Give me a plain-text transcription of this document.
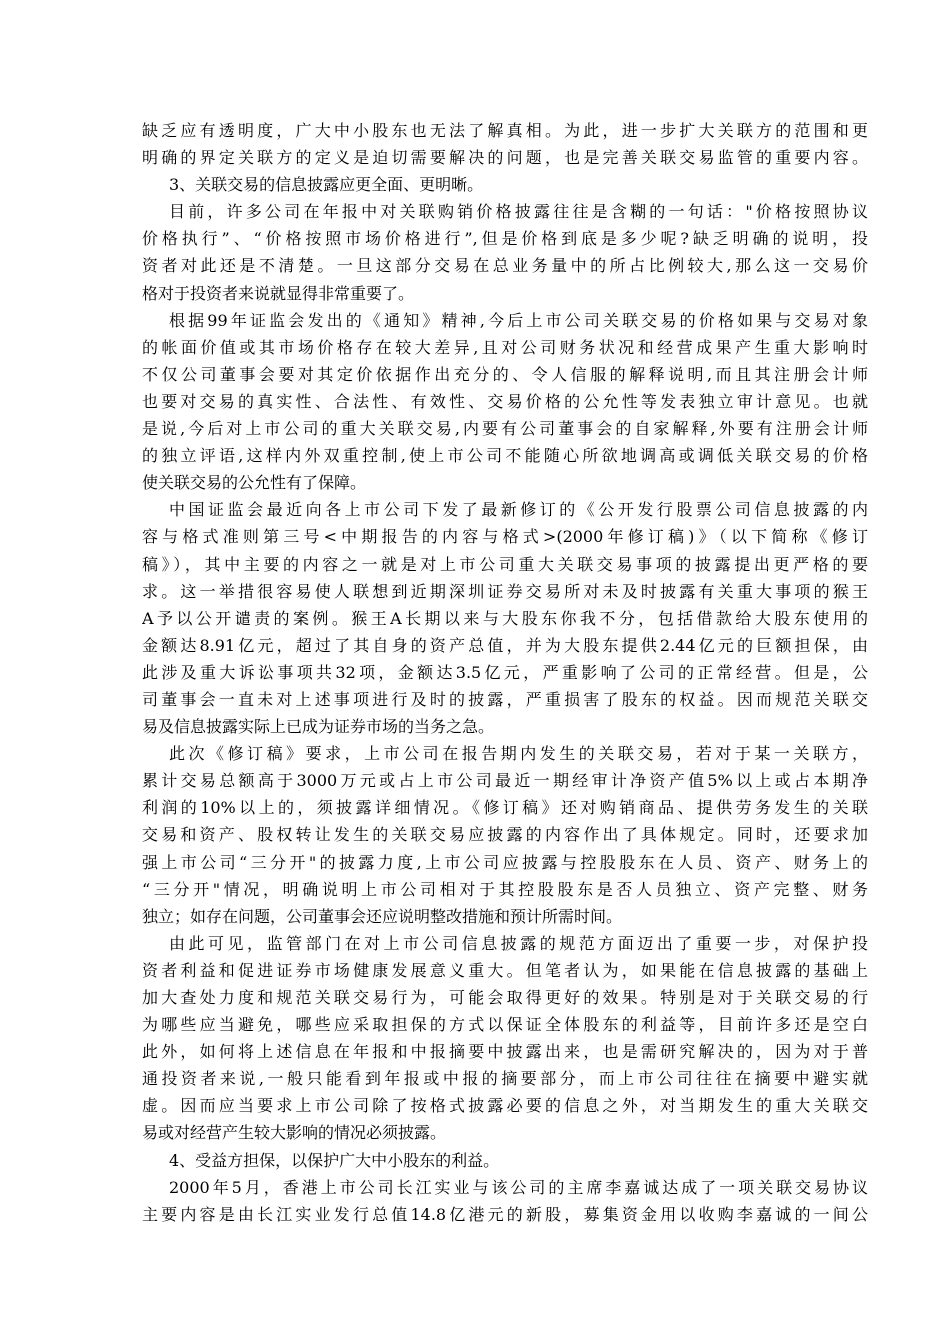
缺乏应有透明度，广大中小股东也无法了解真相。为此，进一步扩大关联方的范围和更
明确的界定关联方的定义是迫切需要解决的问题，也是完善关联交易监管的重要内容。
3、关联交易的信息披露应更全面、更明晰。
目前，许多公司在年报中对关联购销价格披露往往是含糊的一句话："价格按照协议
价格执行”、“价格按照市场价格进行”,但是价格到底是多少呢?缺乏明确的说明，投
资者对此还是不清楚。一旦这部分交易在总业务量中的所占比例较大,那么这一交易价
格对于投资者来说就显得非常重要了。
根据99年证监会发出的《通知》精神,今后上市公司关联交易的价格如果与交易对象
的帐面价值或其市场价格存在较大差异,且对公司财务状况和经营成果产生重大影响时
不仅公司董事会要对其定价依据作出充分的、令人信服的解释说明,而且其注册会计师
也要对交易的真实性、合法性、有效性、交易价格的公允性等发表独立审计意见。也就
是说,今后对上市公司的重大关联交易,内要有公司董事会的自家解释,外要有注册会计师
的独立评语,这样内外双重控制,使上市公司不能随心所欲地调高或调低关联交易的价格
使关联交易的公允性有了保障。
中国证监会最近向各上市公司下发了最新修订的《公开发行股票公司信息披露的内
容与格式准则第三号<中期报告的内容与格式>(2000年修订稿)》（以下简称《修订
稿》），其中主要的内容之一就是对上市公司重大关联交易事项的披露提出更严格的要
求。这一举措很容易使人联想到近期深圳证券交易所对未及时披露有关重大事项的猴王
A予以公开谴责的案例。猴王A长期以来与大股东你我不分，包括借款给大股东使用的
金额达8.91亿元，超过了其自身的资产总值，并为大股东提供2.44亿元的巨额担保，由
此涉及重大诉讼事项共32项，金额达3.5亿元，严重影响了公司的正常经营。但是，公
司董事会一直未对上述事项进行及时的披露，严重损害了股东的权益。因而规范关联交
易及信息披露实际上已成为证券市场的当务之急。
此次《修订稿》要求，上市公司在报告期内发生的关联交易，若对于某一关联方，
累计交易总额高于3000万元或占上市公司最近一期经审计净资产值5%以上或占本期净
利润的10%以上的，须披露详细情况。《修订稿》还对购销商品、提供劳务发生的关联
交易和资产、股权转让发生的关联交易应披露的内容作出了具体规定。同时，还要求加
强上市公司“三分开"的披露力度,上市公司应披露与控股股东在人员、资产、财务上的
“三分开"情况，明确说明上市公司相对于其控股股东是否人员独立、资产完整、财务
独立；如存在问题，公司董事会还应说明整改措施和预计所需时间。
由此可见，监管部门在对上市公司信息披露的规范方面迈出了重要一步，对保护投
资者利益和促进证券市场健康发展意义重大。但笔者认为，如果能在信息披露的基础上
加大查处力度和规范关联交易行为，可能会取得更好的效果。特别是对于关联交易的行
为哪些应当避免，哪些应采取担保的方式以保证全体股东的利益等，目前许多还是空白
此外，如何将上述信息在年报和中报摘要中披露出来，也是需研究解决的，因为对于普
通投资者来说,一般只能看到年报或中报的摘要部分，而上市公司往往在摘要中避实就
虚。因而应当要求上市公司除了按格式披露必要的信息之外，对当期发生的重大关联交
易或对经营产生较大影响的情况必须披露。
4、受益方担保，以保护广大中小股东的利益。
2000年5月，香港上市公司长江实业与该公司的主席李嘉诚达成了一项关联交易协议
主要内容是由长江实业发行总值14.8亿港元的新股，募集资金用以收购李嘉诚的一间公
